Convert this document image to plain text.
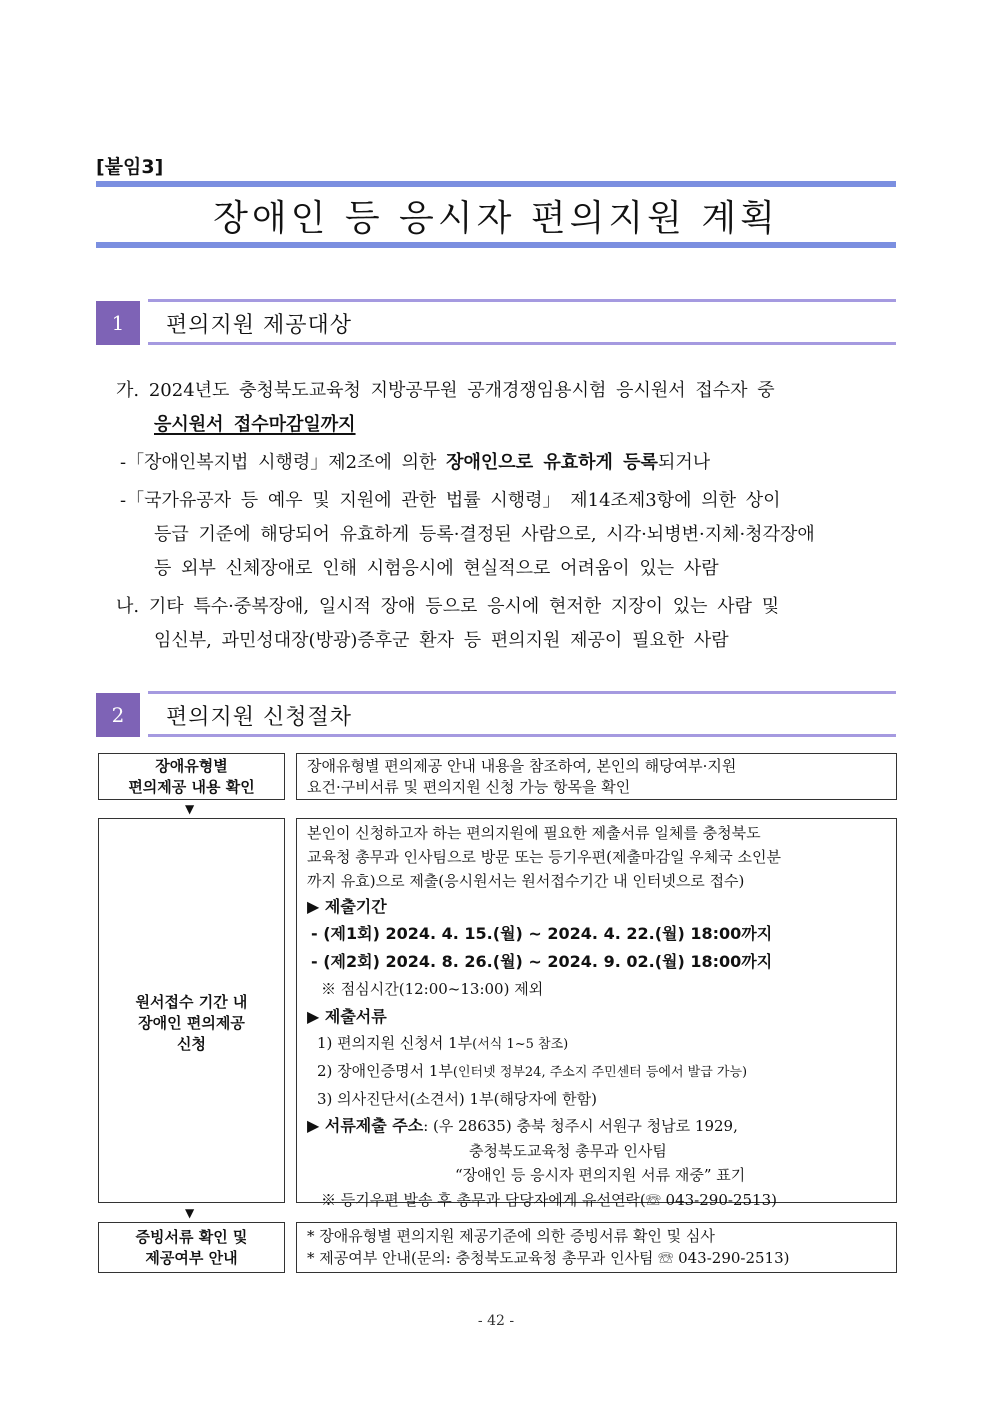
[붙임3]
장애인 등 응시자 편의지원 계획
1	편의지원 제공대상
가. 2024년도 충청북도교육청 지방공무원 공개경쟁임용시험 응시원서 접수자 중
응시원서 접수마감일까지
-「장애인복지법 시행령」제2조에 의한 장애인으로 유효하게 등록되거나
-「국가유공자 등 예우 및 지원에 관한 법률 시행령」 제14조제3항에 의한 상이
등급 기준에 해당되어 유효하게 등록·결정된 사람으로, 시각·뇌병변·지체·청각장애
등 외부 신체장애로 인해 시험응시에 현실적으로 어려움이 있는 사람
나. 기타 특수·중복장애, 일시적 장애 등으로 응시에 현저한 지장이 있는 사람 및
임신부, 과민성대장(방광)증후군 환자 등 편의지원 제공이 필요한 사람
2	편의지원 신청절차
장애유형별
편의제공 내용 확인
장애유형별 편의제공 안내 내용을 참조하여, 본인의 해당여부·지원
요건·구비서류 및 편의지원 신청 가능 항목을 확인
▼
원서접수 기간 내
장애인 편의제공
신청
본인이 신청하고자 하는 편의지원에 필요한 제출서류 일체를 충청북도
교육청 총무과 인사팀으로 방문 또는 등기우편(제출마감일 우체국 소인분
까지 유효)으로 제출(응시원서는 원서접수기간 내 인터넷으로 접수)
▶ 제출기간
- (제1회) 2024. 4. 15.(월) ~ 2024. 4. 22.(월) 18:00까지
- (제2회) 2024. 8. 26.(월) ~ 2024. 9. 02.(월) 18:00까지
※ 점심시간(12:00~13:00) 제외
▶ 제출서류
1) 편의지원 신청서 1부(서식 1~5 참조)
2) 장애인증명서 1부(인터넷 정부24, 주소지 주민센터 등에서 발급 가능)
3) 의사진단서(소견서) 1부(해당자에 한함)
▶ 서류제출 주소: (우 28635) 충북 청주시 서원구 청남로 1929,
충청북도교육청 총무과 인사팀
“장애인 등 응시자 편의지원 서류 재중” 표기
※ 등기우편 발송 후 총무과 담당자에게 유선연락(☏ 043-290-2513)
▼
증빙서류 확인 및
제공여부 안내
* 장애유형별 편의지원 제공기준에 의한 증빙서류 확인 및 심사
* 제공여부 안내(문의: 충청북도교육청 총무과 인사팀 ☏ 043-290-2513)
- 42 -
